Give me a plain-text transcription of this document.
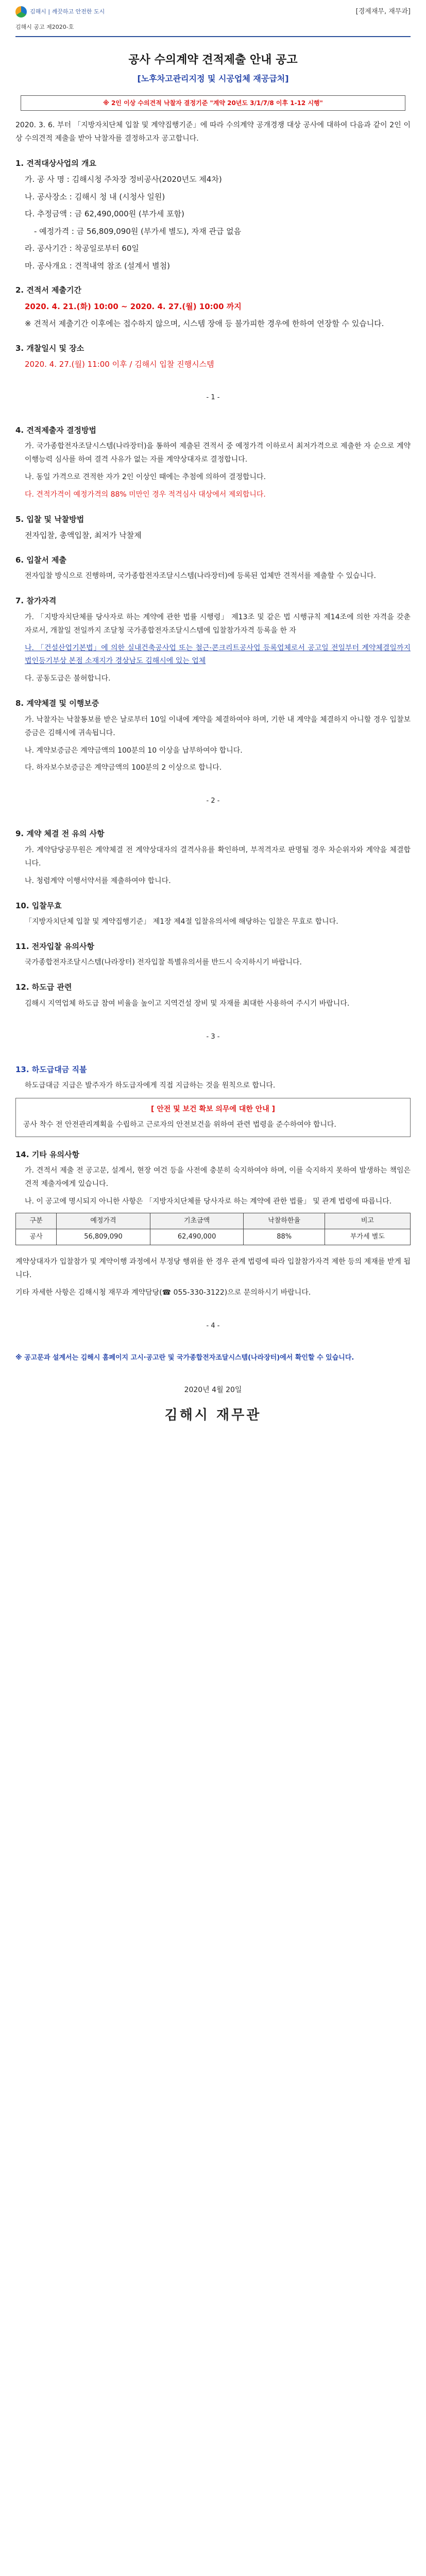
김해시 | 깨끗하고 안전한 도시	[경제재무, 재무과]
김해시 공고 제2020-호
공사 수의계약 견적제출 안내 공고
[노후차고관리지정 및 시공업체 재공급처]
※ 2인 이상 수의견적 낙찰자 결정기준 "계약 20년도 3/1/7/8 이후 1-12 시행"

2020. 3. 6. 부터 「지방자치단체 입찰 및 계약집행기준」에 따라 수의계약 공개경쟁 대상 공사에 대하여 다음과 같이 2인 이상 수의견적 제출을 받아 낙찰자를 결정하고자 공고합니다.

1. 견적대상사업의 개요

가. 공 사 명 : 김해시청 주차장 정비공사(2020년도 제4차)

나. 공사장소 : 김해시 청 내 (시청사 일원)

다. 추정금액 : 금 62,490,000원 (부가세 포함)

- 예정가격 : 금 56,809,090원 (부가세 별도), 자재 관급 없음

라. 공사기간 : 착공일로부터 60일

마. 공사개요 : 견적내역 참조 (설계서 별첨)

2. 견적서 제출기간

2020. 4. 21.(화) 10:00 ~ 2020. 4. 27.(월) 10:00 까지

※ 견적서 제출기간 이후에는 접수하지 않으며, 시스템 장애 등 불가피한 경우에 한하여 연장할 수 있습니다.

3. 개찰일시 및 장소

2020. 4. 27.(월) 11:00 이후 / 김해시 입찰 진행시스템

- 1 -
4. 견적제출자 결정방법

가. 국가종합전자조달시스템(나라장터)을 통하여 제출된 견적서 중 예정가격 이하로서 최저가격으로 제출한 자 순으로 계약이행능력 심사를 하여 결격 사유가 없는 자를 계약상대자로 결정합니다.

나. 동일 가격으로 견적한 자가 2인 이상인 때에는 추첨에 의하여 결정합니다.

다. 견적가격이 예정가격의 88% 미만인 경우 적격심사 대상에서 제외합니다.

5. 입찰 및 낙찰방법

전자입찰, 총액입찰, 최저가 낙찰제

6. 입찰서 제출

전자입찰 방식으로 진행하며, 국가종합전자조달시스템(나라장터)에 등록된 업체만 견적서를 제출할 수 있습니다.

7. 참가자격

가. 「지방자치단체를 당사자로 하는 계약에 관한 법률 시행령」 제13조 및 같은 법 시행규칙 제14조에 의한 자격을 갖춘 자로서, 개찰일 전일까지 조달청 국가종합전자조달시스템에 입찰참가자격 등록을 한 자

나. 「건설산업기본법」에 의한 실내건축공사업 또는 철근·콘크리트공사업 등록업체로서 공고일 전일부터 계약체결일까지 법인등기부상 본점 소재지가 경상남도 김해시에 있는 업체

다. 공동도급은 불허합니다.

8. 계약체결 및 이행보증

가. 낙찰자는 낙찰통보를 받은 날로부터 10일 이내에 계약을 체결하여야 하며, 기한 내 계약을 체결하지 아니할 경우 입찰보증금은 김해시에 귀속됩니다.

나. 계약보증금은 계약금액의 100분의 10 이상을 납부하여야 합니다.

다. 하자보수보증금은 계약금액의 100분의 2 이상으로 합니다.

- 2 -
9. 계약 체결 전 유의 사항

가. 계약담당공무원은 계약체결 전 계약상대자의 결격사유를 확인하며, 부적격자로 판명될 경우 차순위자와 계약을 체결합니다.

나. 청렴계약 이행서약서를 제출하여야 합니다.

10. 입찰무효

「지방자치단체 입찰 및 계약집행기준」 제1장 제4절 입찰유의서에 해당하는 입찰은 무효로 합니다.

11. 전자입찰 유의사항

국가종합전자조달시스템(나라장터) 전자입찰 특별유의서를 반드시 숙지하시기 바랍니다.

12. 하도급 관련

김해시 지역업체 하도급 참여 비율을 높이고 지역건설 장비 및 자재를 최대한 사용하여 주시기 바랍니다.

- 3 -
13. 하도급대금 직불

하도급대금 지급은 발주자가 하도급자에게 직접 지급하는 것을 원칙으로 합니다.

[ 안전 및 보건 확보 의무에 대한 안내 ]
공사 착수 전 안전관리계획을 수립하고 근로자의 안전보건을 위하여 관련 법령을 준수하여야 합니다.
14. 기타 유의사항

가. 견적서 제출 전 공고문, 설계서, 현장 여건 등을 사전에 충분히 숙지하여야 하며, 이를 숙지하지 못하여 발생하는 책임은 견적 제출자에게 있습니다.

나. 이 공고에 명시되지 아니한 사항은 「지방자치단체를 당사자로 하는 계약에 관한 법률」 및 관계 법령에 따릅니다.

구분	예정가격	기초금액	낙찰하한율	비고
공사	56,809,090	62,490,000	88%	부가세 별도

계약상대자가 입찰참가 및 계약이행 과정에서 부정당 행위를 한 경우 관계 법령에 따라 입찰참가자격 제한 등의 제재를 받게 됩니다.

기타 자세한 사항은 김해시청 재무과 계약담당(☎ 055-330-3122)으로 문의하시기 바랍니다.

- 4 -
※ 공고문과 설계서는 김해시 홈페이지 고시·공고란 및 국가종합전자조달시스템(나라장터)에서 확인할 수 있습니다.
2020년 4월 20일
김해시 재무관
